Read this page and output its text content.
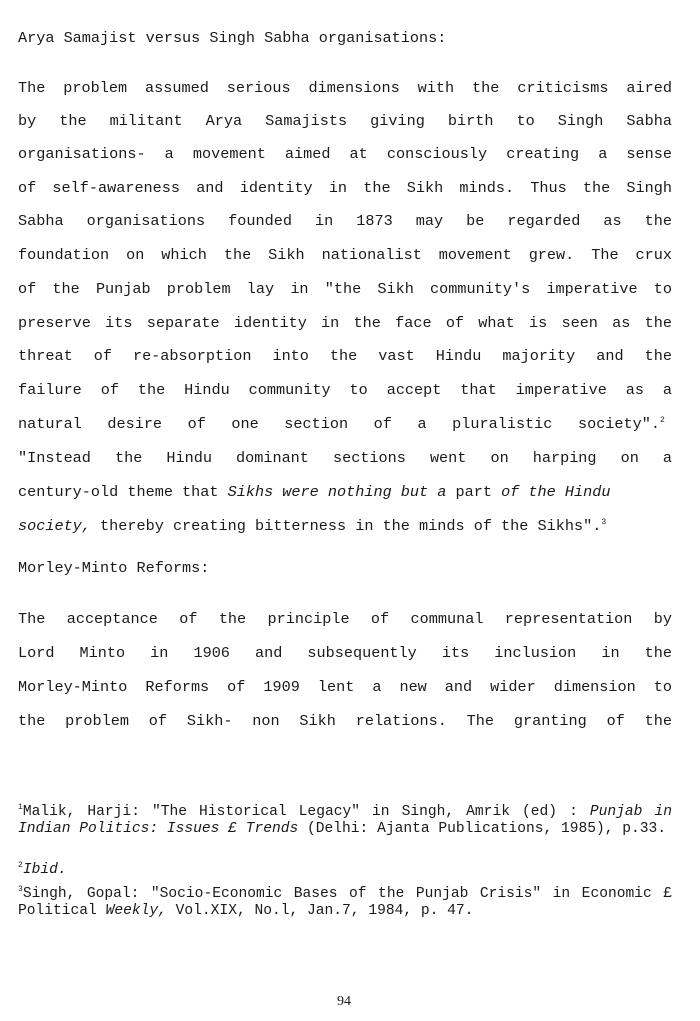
Arya Samajist versus Singh Sabha organisations:
The problem assumed serious dimensions with the criticisms aired
by the militant Arya Samajists giving birth to Singh Sabha
organisations- a movement aimed at consciously creating a sense
of self-awareness and identity in the Sikh minds. Thus the Singh
Sabha organisations founded in 1873 may be regarded as the
foundation on which the Sikh nationalist movement grew. The crux
of the Punjab problem lay in "the Sikh community's imperative to
preserve its separate identity in the face of what is seen as the
threat of re-absorption into the vast Hindu majority and the
failure of the Hindu community to accept that imperative as a
natural desire of one section of a pluralistic society".$^2$
"Instead the Hindu dominant sections went on harping on a
century-old theme that Sikhs were nothing but a part of the Hindu
society, thereby creating bitterness in the minds of the Sikhs".$^3$
Morley-Minto Reforms:
The acceptance of the principle of communal representation by
Lord Minto in 1906 and subsequently its inclusion in the
Morley-Minto Reforms of 1909 lent a new and wider dimension to
the problem of Sikh- non Sikh relations. The granting of the
$^1$Malik, Harji: "The Historical Legacy" in Singh, Amrik (ed) : Punjab in Indian Politics: Issues £ Trends (Delhi: Ajanta Publications, 1985), p.33.
$^2$Ibid.
$^3$Singh, Gopal: "Socio-Economic Bases of the Punjab Crisis" in Economic £ Political Weekly, Vol.XIX, No.l, Jan.7, 1984, p. 47.
94
